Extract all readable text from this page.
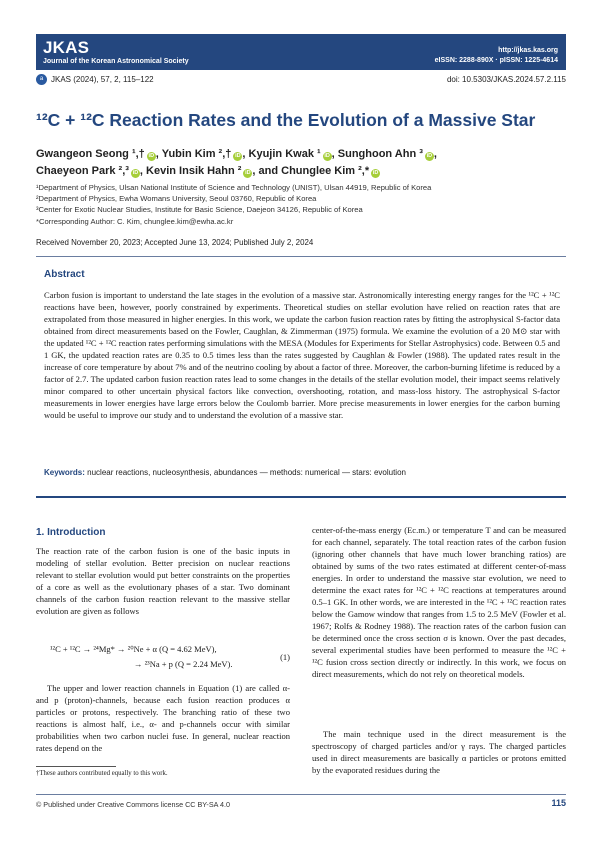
JKAS
Journal of the Korean Astronomical Society
http://jkas.kas.org
eISSN: 2288-890X · pISSN: 1225-4614
a JKAS (2024), 57, 2, 115–122	doi: 10.5303/JKAS.2024.57.2.115
¹²C + ¹²C Reaction Rates and the Evolution of a Massive Star
Gwangeon Seong ¹,† iD , Yubin Kim ²,† iD , Kyujin Kwak ¹ iD , Sunghoon Ahn ³ iD ,
Chaeyeon Park ²,³ iD , Kevin Insik Hahn ² iD , and Chunglee Kim ²,* iD
¹Department of Physics, Ulsan National Institute of Science and Technology (UNIST), Ulsan 44919, Republic of Korea
²Department of Physics, Ewha Womans University, Seoul 03760, Republic of Korea
³Center for Exotic Nuclear Studies, Institute for Basic Science, Daejeon 34126, Republic of Korea
*Corresponding Author: C. Kim, chunglee.kim@ewha.ac.kr
Received November 20, 2023; Accepted June 13, 2024; Published July 2, 2024
Abstract
Carbon fusion is important to understand the late stages in the evolution of a massive star. Astronomically interesting energy ranges for the ¹²C + ¹²C reactions have been, however, poorly constrained by experiments. Theoretical studies on stellar evolution have relied on reaction rates that are extrapolated from those measured in higher energies. In this work, we update the carbon fusion reaction rates by fitting the astrophysical S-factor data obtained from direct measurements based on the Fowler, Caughlan, & Zimmerman (1975) formula. We examine the evolution of a 20 M⊙ star with the updated ¹²C + ¹²C reaction rates performing simulations with the MESA (Modules for Experiments for Stellar Astrophysics) code. Between 0.5 and 1 GK, the updated reaction rates are 0.35 to 0.5 times less than the rates suggested by Caughlan & Fowler (1988). The updated rates result in the increase of core temperature by about 7% and of the neutrino cooling by about a factor of three. Moreover, the carbon-burning lifetime is reduced by a factor of 2.7. The updated carbon fusion reaction rates lead to some changes in the details of the stellar evolution model, their impact seems relatively minor compared to other uncertain physical factors like convection, overshooting, rotation, and mass-loss history. The astrophysical S-factor measurements in lower energies have large errors below the Coulomb barrier. More precise measurements in lower energies for the carbon burning would be useful to improve our study and to understand the evolution of a massive star.
Keywords: nuclear reactions, nucleosynthesis, abundances — methods: numerical — stars: evolution
1. Introduction
The reaction rate of the carbon fusion is one of the basic inputs in modeling of stellar evolution. Better precision on nuclear reactions relevant to stellar evolution would put better constraints on the properties of a core as well as the evolutionary phases of a star. Two dominant channels of the carbon fusion reaction relevant to the massive stellar evolution are given as follows
¹²C + ¹²C → ²⁴Mg* → ²⁰Ne + α (Q = 4.62 MeV),
→ ²³Na + p (Q = 2.24 MeV).
(1)
The upper and lower reaction channels in Equation (1) are called α- and p (proton)-channels, because each fusion reaction produces α particles or protons, respectively. The branching ratio of these two reactions is almost half, i.e., α- and p-channels occur with similar probabilities when two carbon nuclei fuse. In general, nuclear reaction rates depend on the
†These authors contributed equally to this work.
center-of-the-mass energy (Ec.m.) or temperature T and can be measured for each channel, separately. The total reaction rates of the carbon fusion (ignoring other channels that have much lower branching ratios) are obtained by sums of the two rates estimated at different center-of-mass energies. In order to understand the massive star evolution, we need to determine the exact rates for ¹²C + ¹²C reactions at temperatures around 0.5–1 GK. In other words, we are interested in the ¹²C + ¹²C reaction rates below the Gamow window that ranges from 1.5 to 2.5 MeV (Fowler et al. 1967; Rolfs & Rodney 1988). The reaction rates of the carbon fusion can be determined once the cross section σ is known. Over the past decades, several experimental studies have been performed to measure the ¹²C + ¹²C fusion cross section directly or indirectly. In this work, we focus on direct measurements, which do not rely on theoretical models.
The main technique used in the direct measurement is the spectroscopy of charged particles and/or γ rays. The charged particles used in direct measurements are basically α particles or protons emitted by the evaporated residues during the
© Published under Creative Commons license CC BY-SA 4.0	115
